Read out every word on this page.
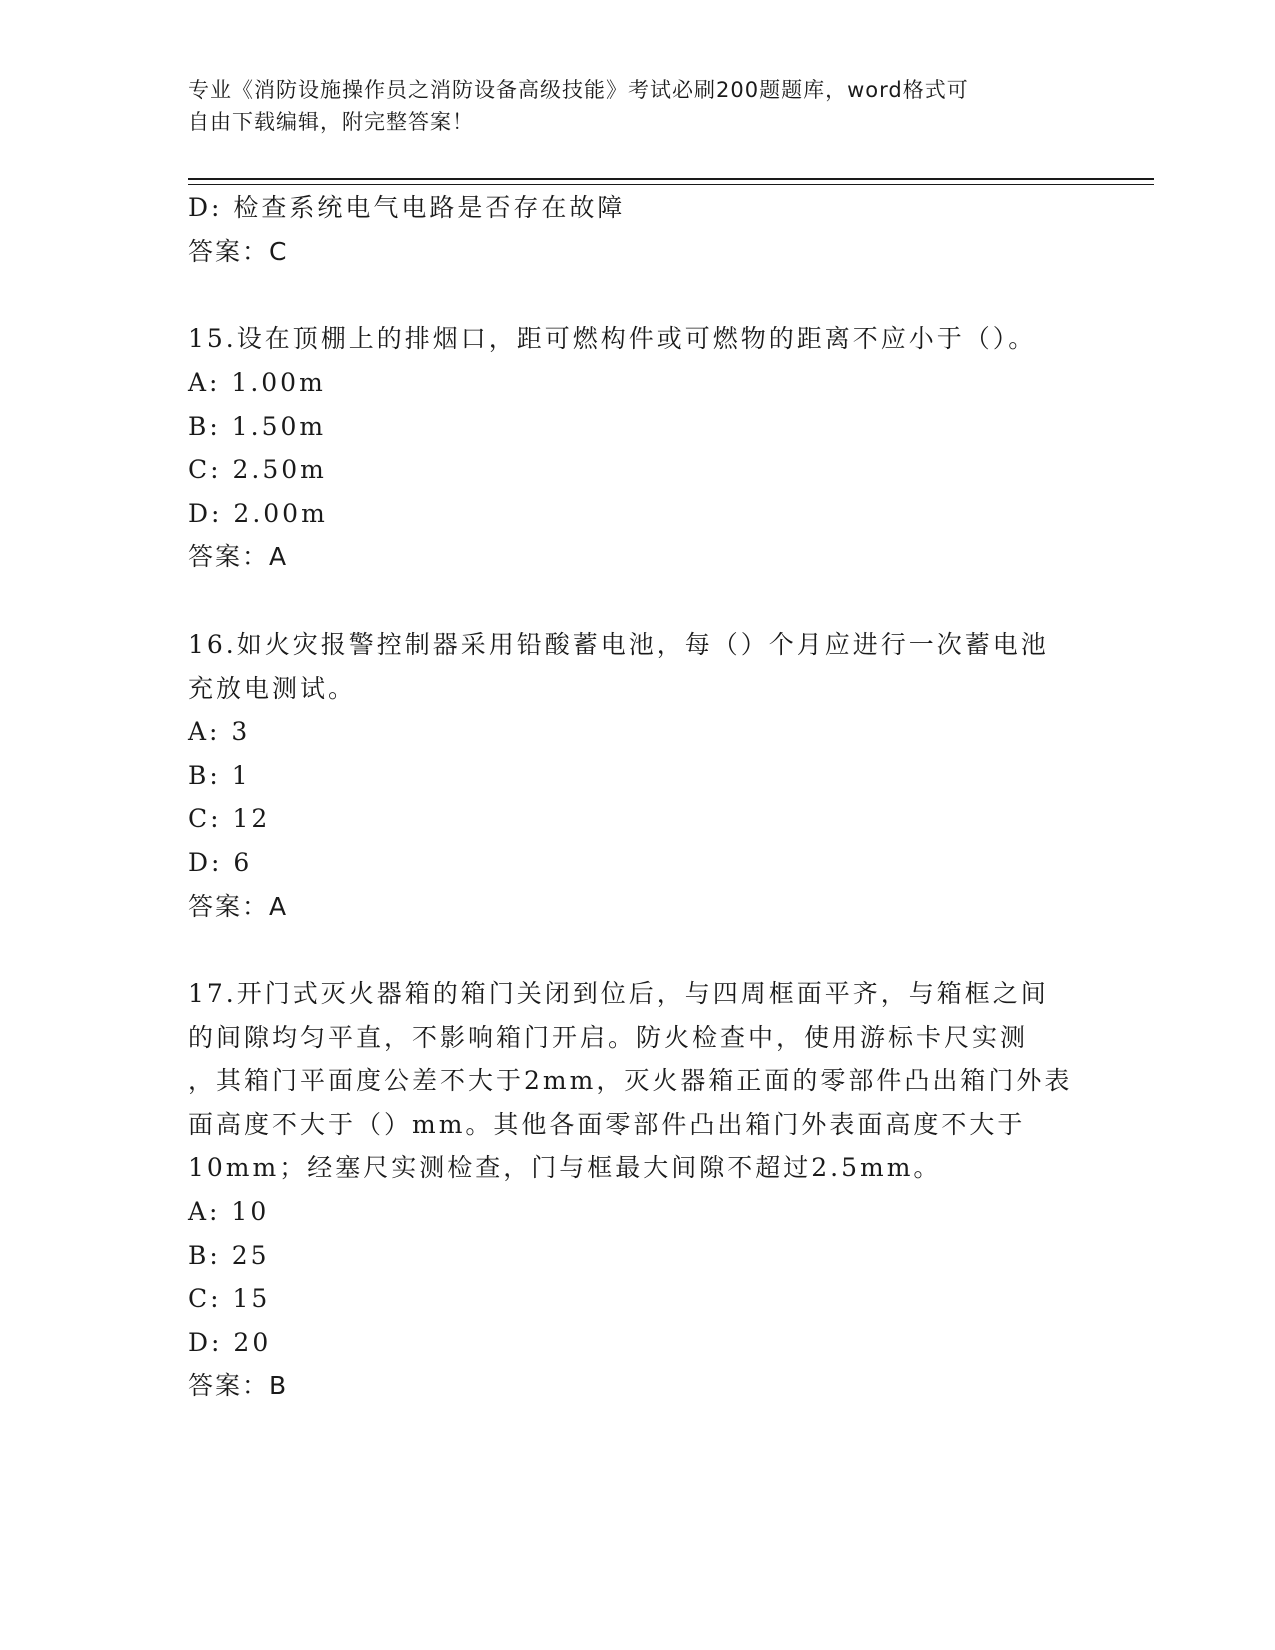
专业《消防设施操作员之消防设备高级技能》考试必刷200题题库，word格式可
自由下载编辑，附完整答案！
D: 检查系统电气电路是否存在故障
答案：C
15.设在顶棚上的排烟口，距可燃构件或可燃物的距离不应小于（）。
A: 1.00m
B: 1.50m
C: 2.50m
D: 2.00m
答案：A
16.如火灾报警控制器采用铅酸蓄电池，每（）个月应进行一次蓄电池
充放电测试。
A: 3
B: 1
C: 12
D: 6
答案：A
17.开门式灭火器箱的箱门关闭到位后，与四周框面平齐，与箱框之间
的间隙均匀平直，不影响箱门开启。防火检查中，使用游标卡尺实测
，其箱门平面度公差不大于2mm，灭火器箱正面的零部件凸出箱门外表
面高度不大于（）mm。其他各面零部件凸出箱门外表面高度不大于
10mm；经塞尺实测检查，门与框最大间隙不超过2.5mm。
A: 10
B: 25
C: 15
D: 20
答案：B
